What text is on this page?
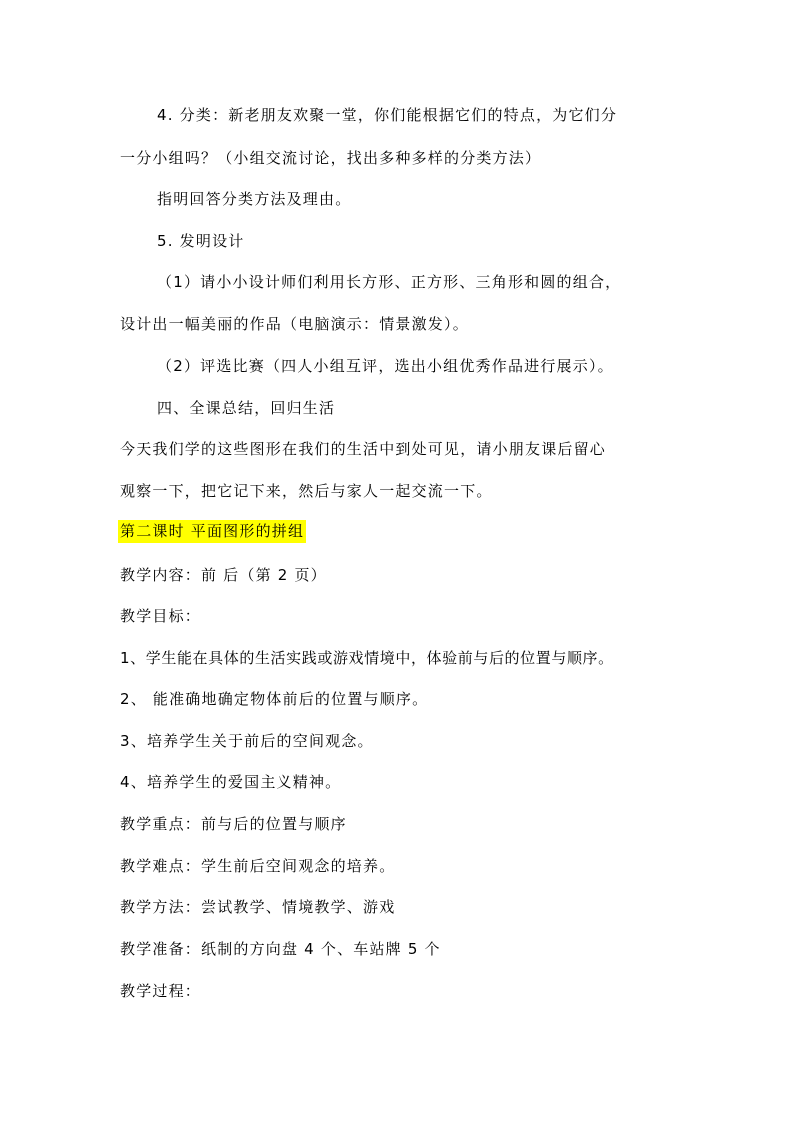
4. 分类：新老朋友欢聚一堂，你们能根据它们的特点，为它们分
一分小组吗？（小组交流讨论，找出多种多样的分类方法）
指明回答分类方法及理由。
5. 发明设计
（1）请小小设计师们利用长方形、正方形、三角形和圆的组合，
设计出一幅美丽的作品（电脑演示：情景激发）。
（2）评选比赛（四人小组互评，选出小组优秀作品进行展示）。
四、全课总结，回归生活
今天我们学的这些图形在我们的生活中到处可见，请小朋友课后留心
观察一下，把它记下来，然后与家人一起交流一下。
第二课时 平面图形的拼组
教学内容：前 后（第 2 页）
教学目标：
1、学生能在具体的生活实践或游戏情境中，体验前与后的位置与顺序。
2、 能准确地确定物体前后的位置与顺序。
3、培养学生关于前后的空间观念。
4、培养学生的爱国主义精神。
教学重点：前与后的位置与顺序
教学难点：学生前后空间观念的培养。
教学方法：尝试教学、情境教学、游戏
教学准备：纸制的方向盘 4 个、车站牌 5 个
教学过程：
